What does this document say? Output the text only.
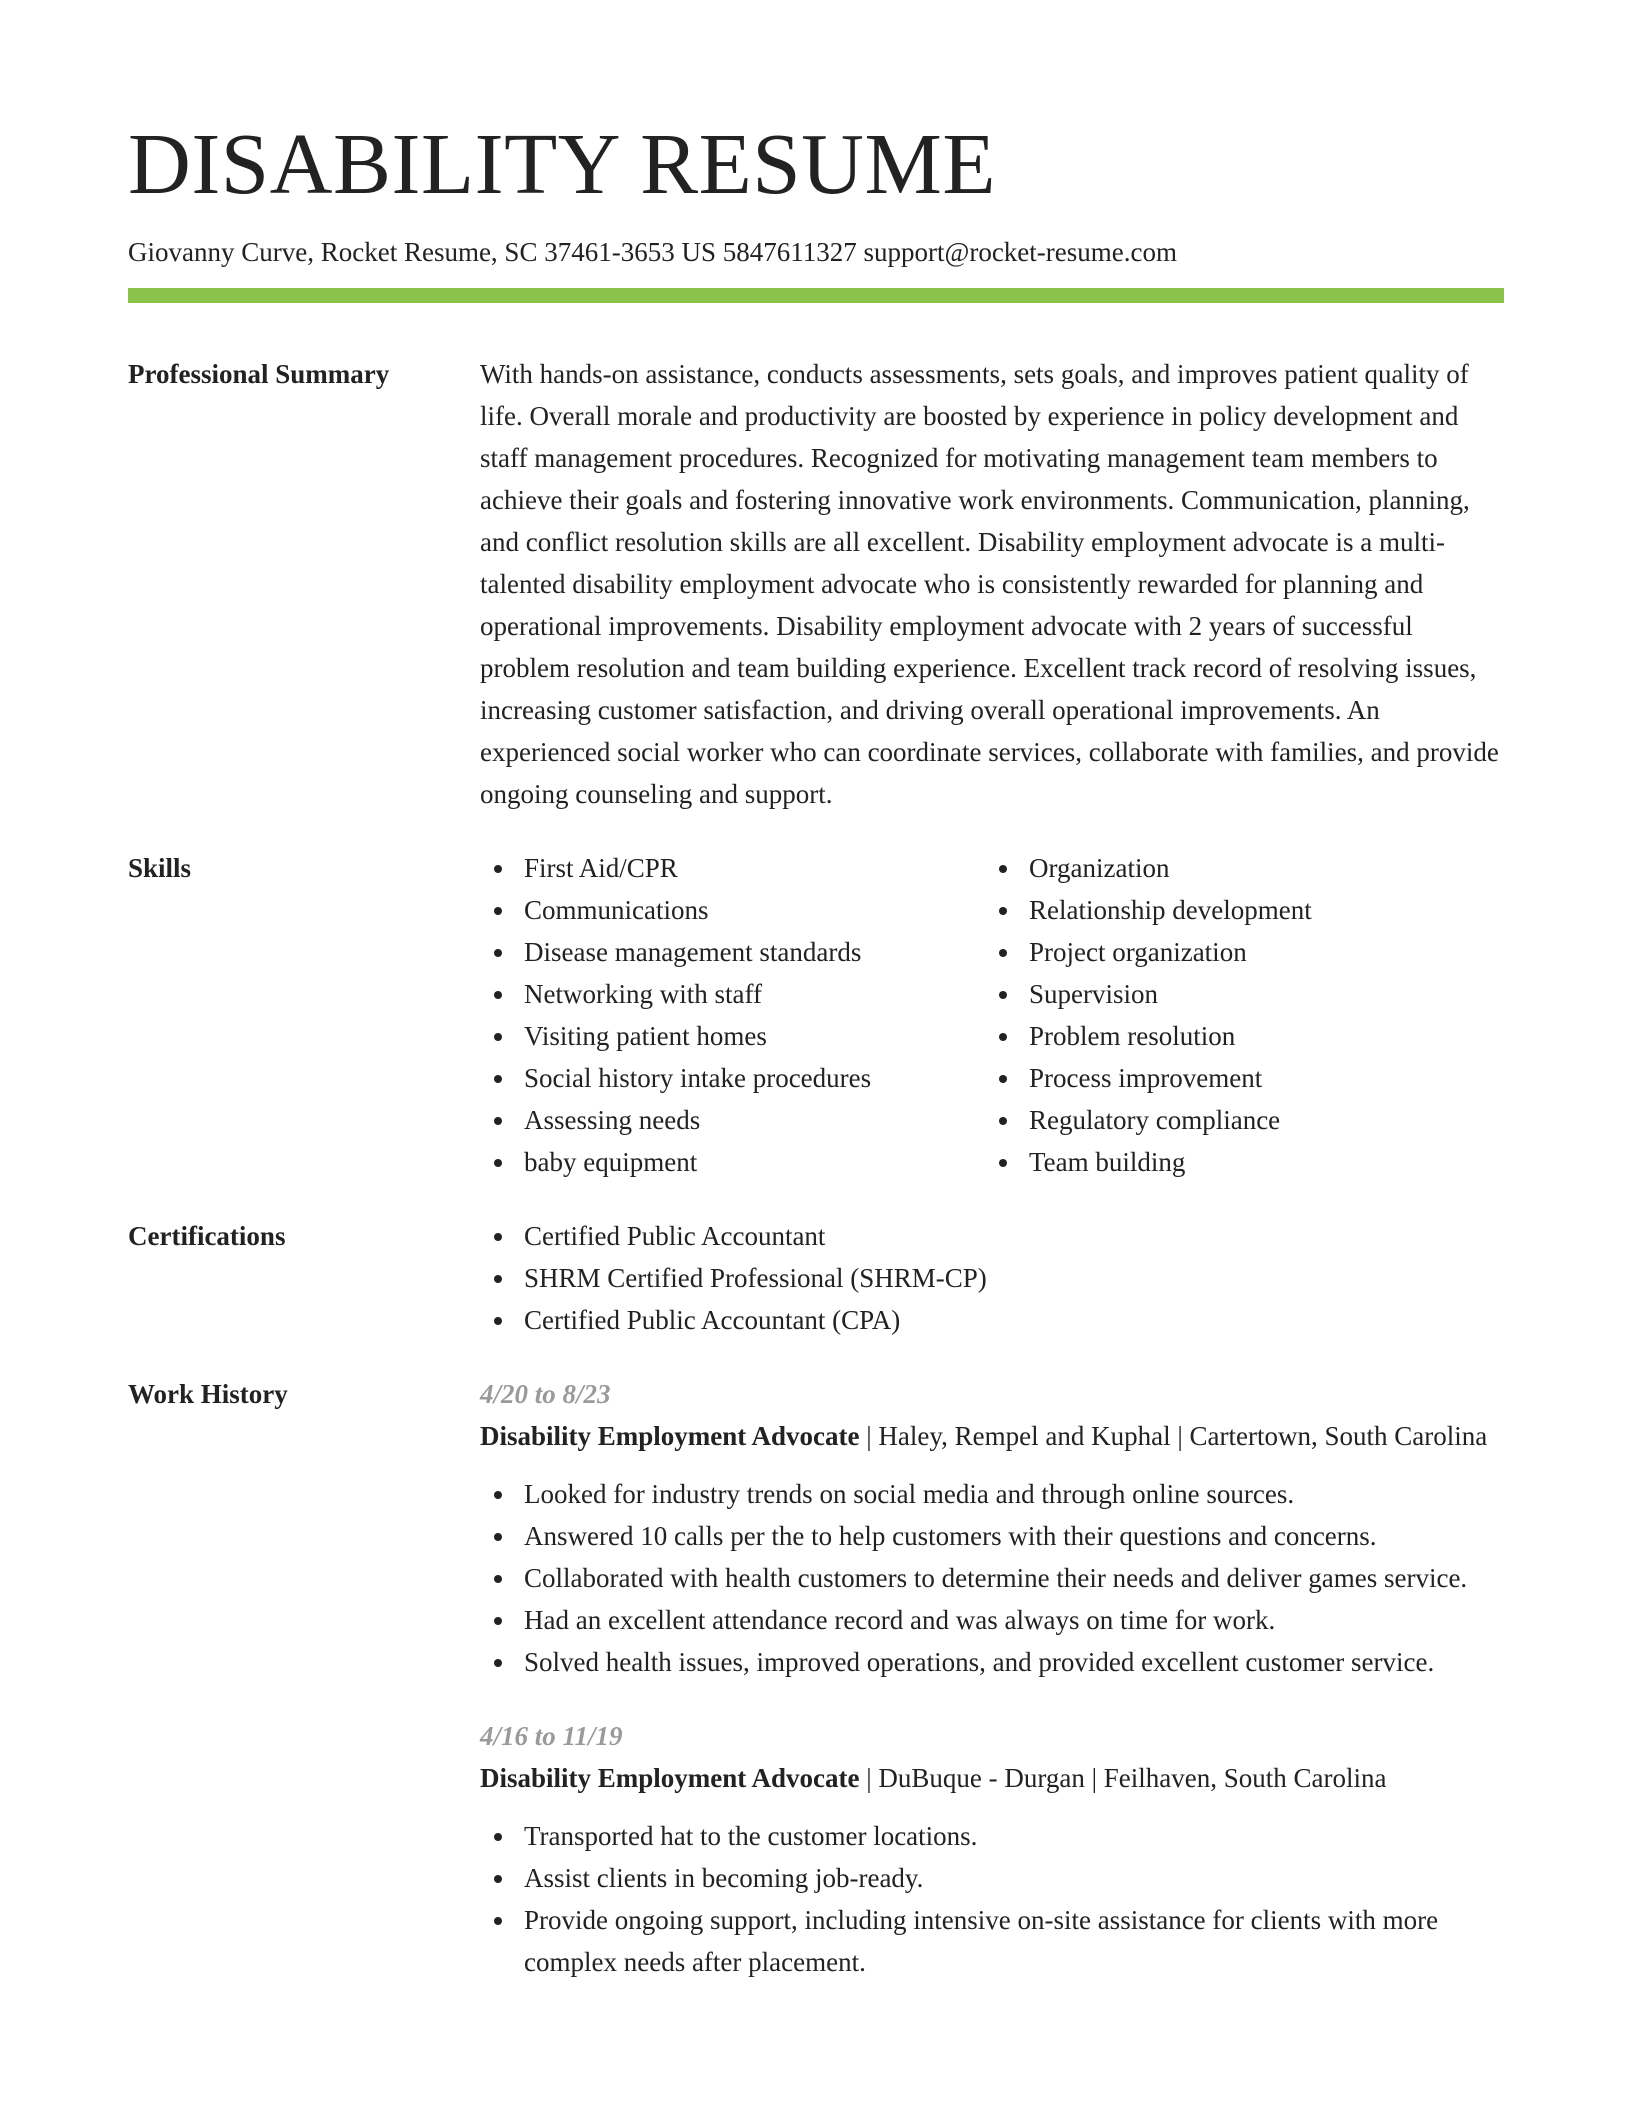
DISABILITY RESUME
Giovanny Curve, Rocket Resume, SC 37461-3653 US 5847611327 support@rocket-resume.com
Professional Summary	With hands-on assistance, conducts assessments, sets goals, and improves patient quality of life. Overall morale and productivity are boosted by experience in policy development and staff management procedures. Recognized for motivating management team members to achieve their goals and fostering innovative work environments. Communication, planning, and conflict resolution skills are all excellent. Disability employment advocate is a multi-talented disability employment advocate who is consistently rewarded for planning and operational improvements. Disability employment advocate with 2 years of successful problem resolution and team building experience. Excellent track record of resolving issues, increasing customer satisfaction, and driving overall operational improvements. An experienced social worker who can coordinate services, collaborate with families, and provide ongoing counseling and support.

Skills	First Aid/CPR
Communications
Disease management standards
Networking with staff
Visiting patient homes
Social history intake procedures
Assessing needs
baby equipment
Organization
Relationship development
Project organization
Supervision
Problem resolution
Process improvement
Regulatory compliance
Team building
Certifications	Certified Public Accountant
SHRM Certified Professional (SHRM-CP)
Certified Public Accountant (CPA)
Work History	4/20 to 8/23
Disability Employment Advocate | Haley, Rempel and Kuphal | Cartertown, South Carolina
Looked for industry trends on social media and through online sources.
Answered 10 calls per the to help customers with their questions and concerns.
Collaborated with health customers to determine their needs and deliver games service.
Had an excellent attendance record and was always on time for work.
Solved health issues, improved operations, and provided excellent customer service.
4/16 to 11/19
Disability Employment Advocate | DuBuque - Durgan | Feilhaven, South Carolina
Transported hat to the customer locations.
Assist clients in becoming job-ready.
Provide ongoing support, including intensive on-site assistance for clients with more complex needs after placement.
